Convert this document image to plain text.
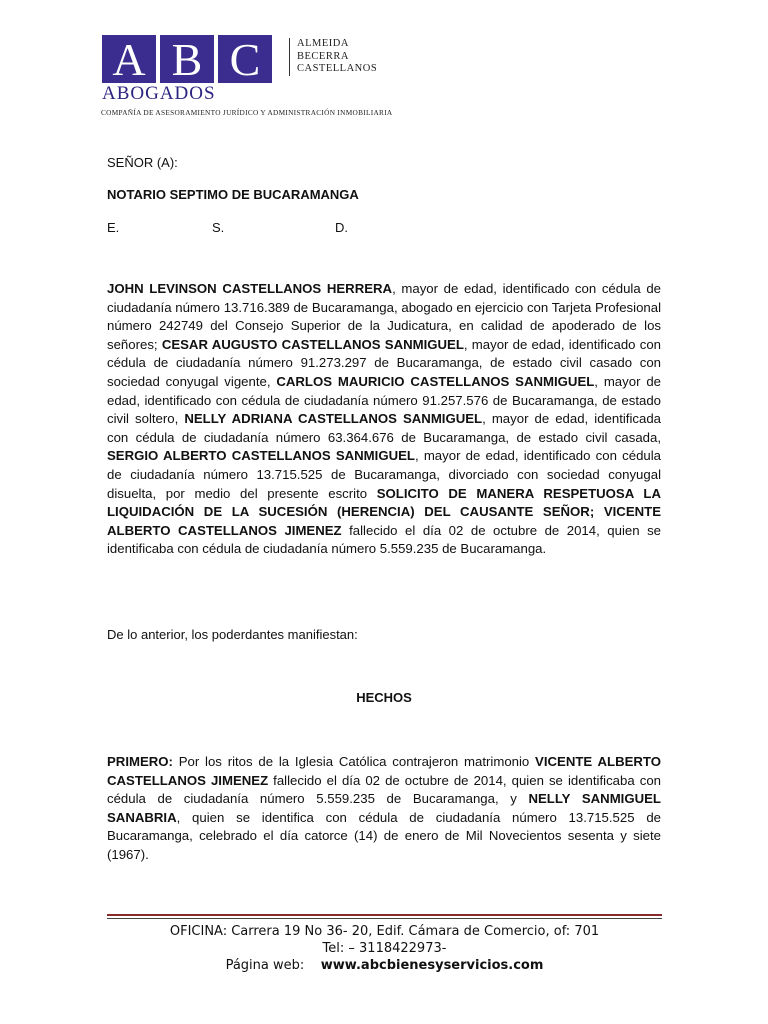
A B C
ABOGADOS
COMPAÑÍA DE ASESORAMIENTO JURÍDICO Y ADMINISTRACIÓN INMOBILIARIA
ALMEIDA
BECERRA
CASTELLANOS
SEÑOR (A):
NOTARIO SEPTIMO DE BUCARAMANGA
E.	S.	D.
JOHN LEVINSON CASTELLANOS HERRERA, mayor de edad, identificado con cédula de ciudadanía número 13.716.389 de Bucaramanga, abogado en ejercicio con Tarjeta Profesional número 242749 del Consejo Superior de la Judicatura, en calidad de apoderado de los señores; CESAR AUGUSTO CASTELLANOS SANMIGUEL, mayor de edad, identificado con cédula de ciudadanía número 91.273.297 de Bucaramanga, de estado civil casado con sociedad conyugal vigente, CARLOS MAURICIO CASTELLANOS SANMIGUEL, mayor de edad, identificado con cédula de ciudadanía número 91.257.576 de Bucaramanga, de estado civil soltero, NELLY ADRIANA CASTELLANOS SANMIGUEL, mayor de edad, identificada con cédula de ciudadanía número 63.364.676 de Bucaramanga, de estado civil casada, SERGIO ALBERTO CASTELLANOS SANMIGUEL, mayor de edad, identificado con cédula de ciudadanía número 13.715.525 de Bucaramanga, divorciado con sociedad conyugal disuelta, por medio del presente escrito SOLICITO DE MANERA RESPETUOSA LA LIQUIDACIÓN DE LA SUCESIÓN (HERENCIA) DEL CAUSANTE SEÑOR; VICENTE ALBERTO CASTELLANOS JIMENEZ fallecido el día 02 de octubre de 2014, quien se identificaba con cédula de ciudadanía número 5.559.235 de Bucaramanga.
De lo anterior, los poderdantes manifiestan:
HECHOS
PRIMERO: Por los ritos de la Iglesia Católica contrajeron matrimonio VICENTE ALBERTO CASTELLANOS JIMENEZ fallecido el día 02 de octubre de 2014, quien se identificaba con cédula de ciudadanía número 5.559.235 de Bucaramanga, y NELLY SANMIGUEL SANABRIA, quien se identifica con cédula de ciudadanía número 13.715.525 de Bucaramanga, celebrado el día catorce (14) de enero de Mil Novecientos sesenta y siete (1967).
OFICINA: Carrera 19 No 36- 20, Edif. Cámara de Comercio, of: 701
Tel: – 3118422973-
Página web: www.abcbienesyservicios.com
